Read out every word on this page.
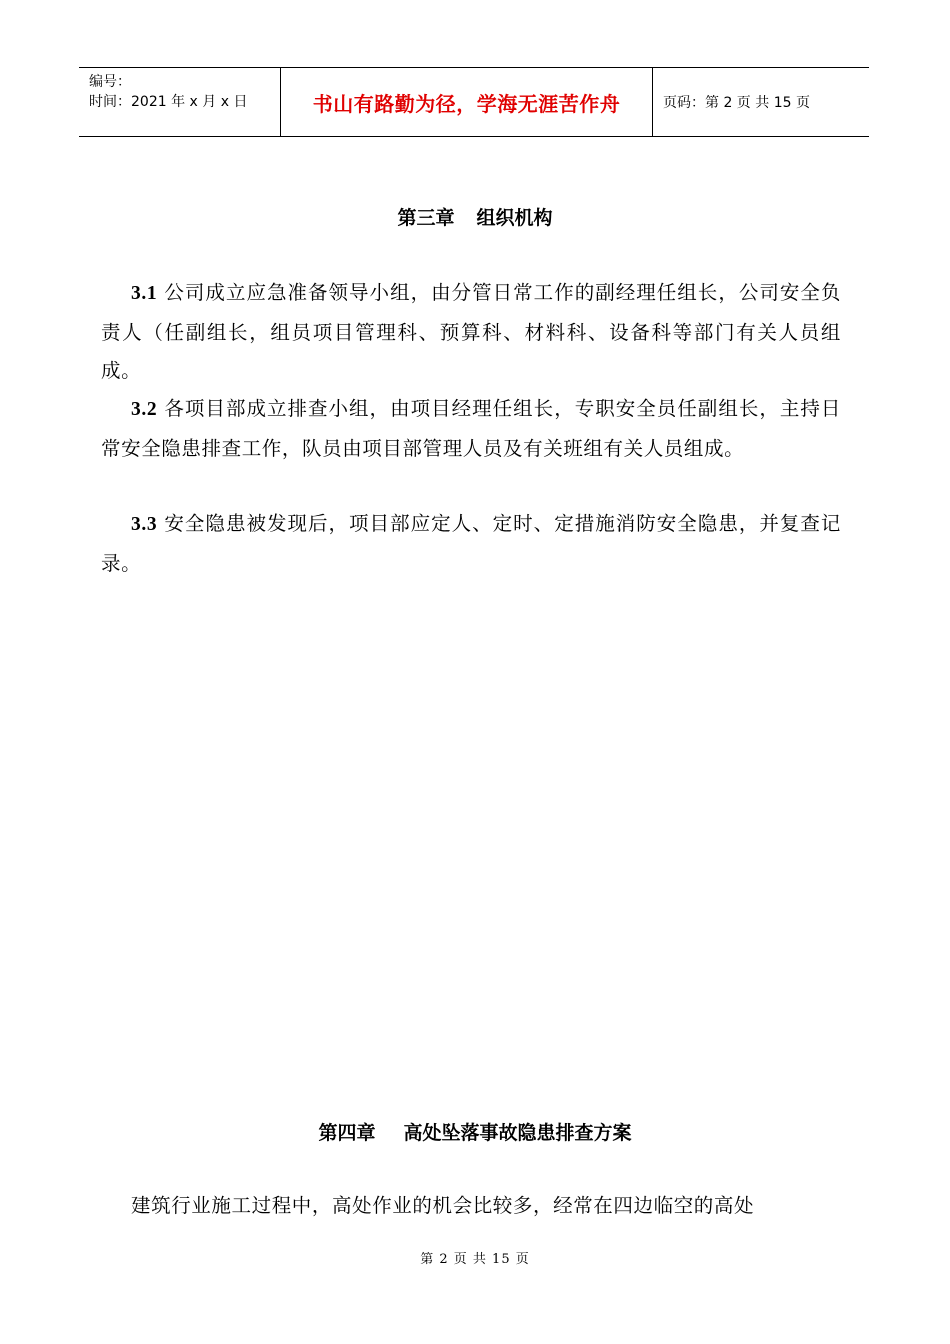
编号：
时间：2021 年 x 月 x 日	书山有路勤为径，学海无涯苦作舟	页码：第 2 页 共 15 页
第三章 组织机构
3.1 公司成立应急准备领导小组，由分管日常工作的副经理任组长，公司安全负责人（任副组长，组员项目管理科、预算科、材料科、设备科等部门有关人员组成。
3.2 各项目部成立排查小组，由项目经理任组长，专职安全员任副组长，主持日常安全隐患排查工作，队员由项目部管理人员及有关班组有关人员组成。
3.3 安全隐患被发现后，项目部应定人、定时、定措施消防安全隐患，并复查记录。
第四章 高处坠落事故隐患排查方案
建筑行业施工过程中，高处作业的机会比较多，经常在四边临空的高处
第 2 页 共 15 页
